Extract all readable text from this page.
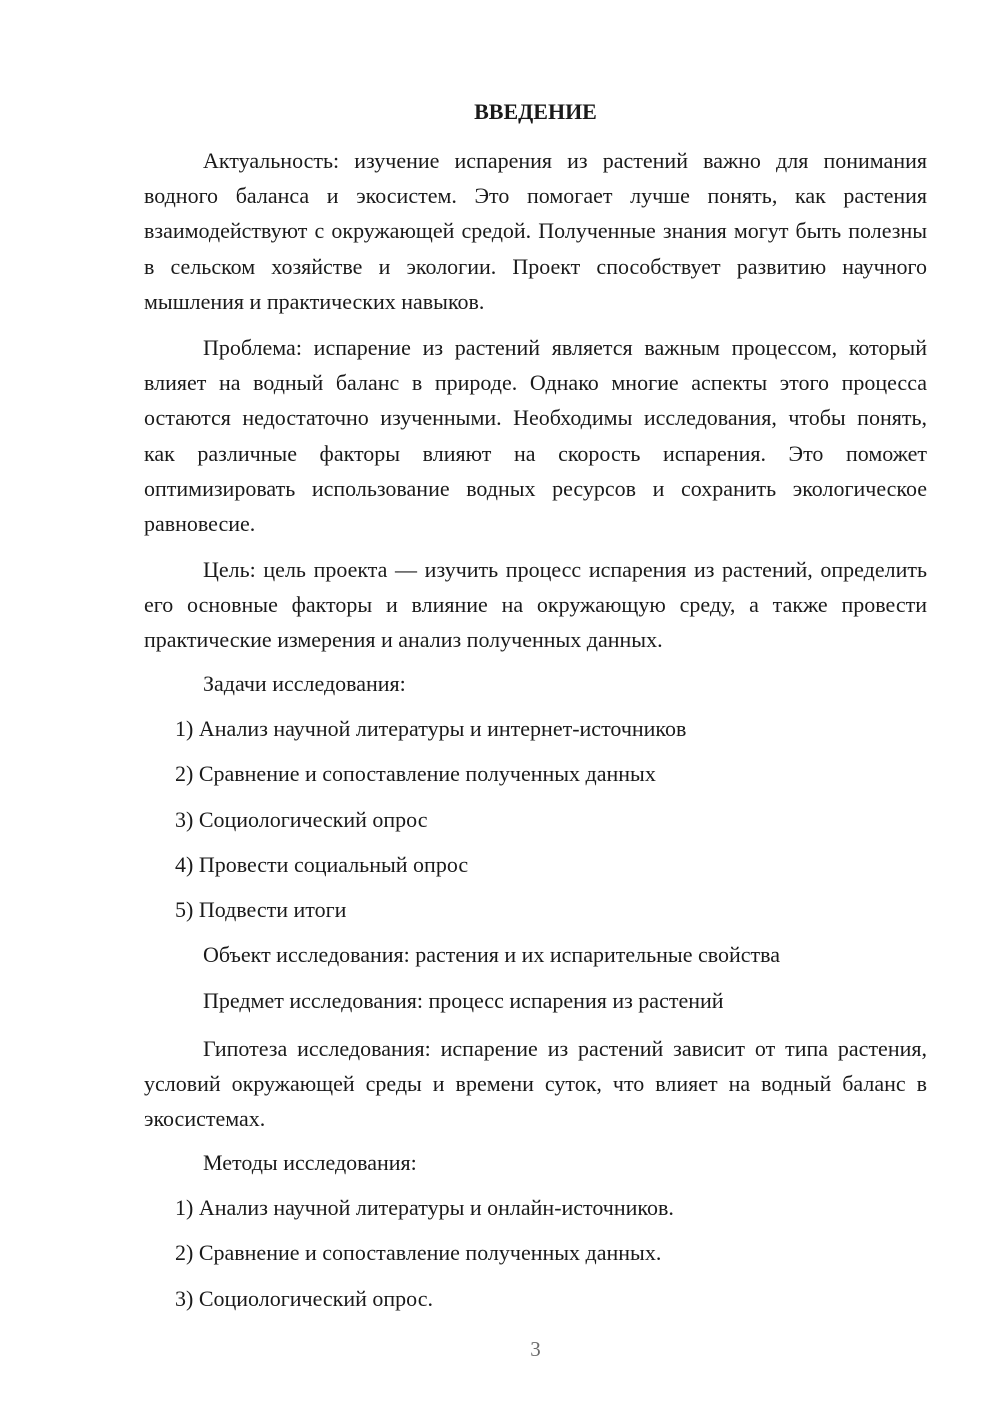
ВВЕДЕНИЕ

Актуальность: изучение испарения из растений важно для понимания водного баланса и экосистем. Это помогает лучше понять, как растения взаимодействуют с окружающей средой. Полученные знания могут быть полезны в сельском хозяйстве и экологии. Проект способствует развитию научного мышления и практических навыков.

Проблема: испарение из растений является важным процессом, который влияет на водный баланс в природе. Однако многие аспекты этого процесса остаются недостаточно изученными. Необходимы исследования, чтобы понять, как различные факторы влияют на скорость испарения. Это поможет оптимизировать использование водных ресурсов и сохранить экологическое равновесие.

Цель: цель проекта — изучить процесс испарения из растений, определить его основные факторы и влияние на окружающую среду, а также провести практические измерения и анализ полученных данных.

Задачи исследования:

1) Анализ научной литературы и интернет-источников

2) Сравнение и сопоставление полученных данных

3) Социологический опрос

4) Провести социальный опрос

5) Подвести итоги

Объект исследования: растения и их испарительные свойства

Предмет исследования: процесс испарения из растений

Гипотеза исследования: испарение из растений зависит от типа растения, условий окружающей среды и времени суток, что влияет на водный баланс в экосистемах.

Методы исследования:

1) Анализ научной литературы и онлайн-источников.

2) Сравнение и сопоставление полученных данных.

3) Социологический опрос.

3
